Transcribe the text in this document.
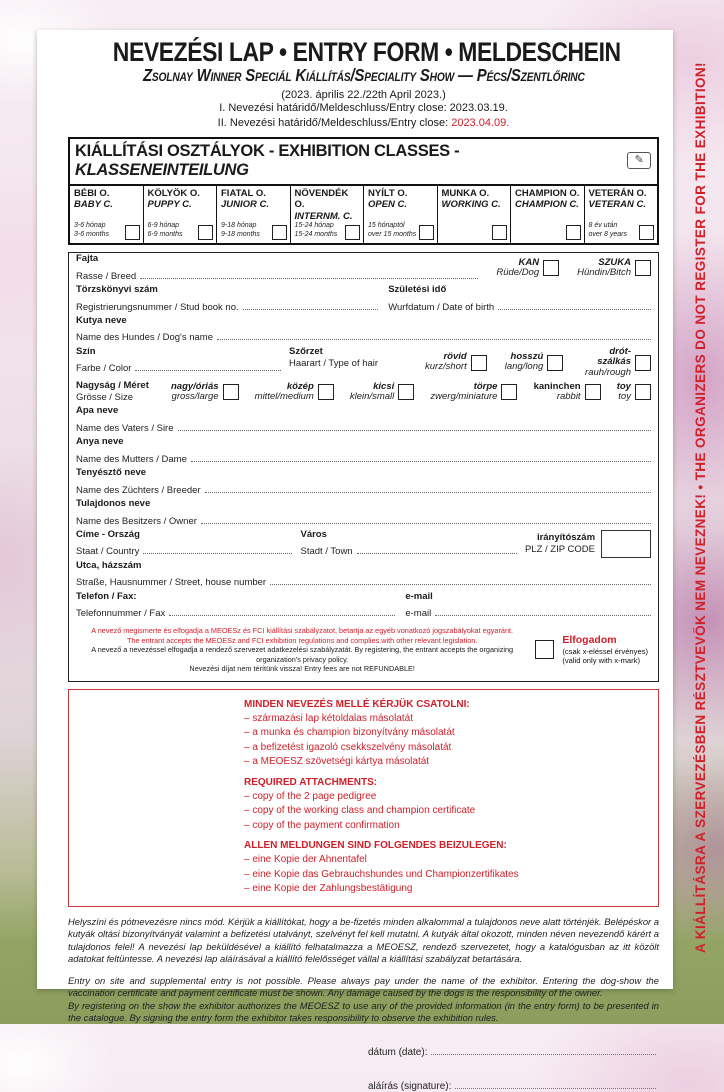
NEVEZÉSI LAP • ENTRY FORM • MELDESCHEIN
Zsolnay Winner Speciál Kiállítás/Speciality Show — Pécs/Szentlőrinc
(2023. április 22./22th April 2023.)
I. Nevezési határidő/Meldeschluss/Entry close: 2023.03.19.
II. Nevezési határidő/Meldeschluss/Entry close: 2023.04.09.
KIÁLLÍTÁSI OSZTÁLYOK - EXHIBITION CLASSES - KLASSENEINTEILUNG
✎
BÉBI O.
BABY C.
3-6 hónap
3-6 months
KÖLYÖK O.
PUPPY C.
6-9 hónap
6-9 months
FIATAL O.
JUNIOR C.
9-18 hónap
9-18 months
NÖVENDÉK O.
INTERNM. C.
15-24 hónap
15-24 months
NYÍLT O.
OPEN C.
15 hónaptól
over 15 months
MUNKA O.
WORKING C.
CHAMPION O.
CHAMPION C.
VETERÁN O.
VETERAN C.
8 év után
over 8 years
Fajta
Rasse / Breed
KAN
Rüde/Dog
SZUKA
Hündin/Bitch
Törzskönyvi szám
Registrierungsnummer / Stud book no.
Születési idő
Wurfdatum / Date of birth
Kutya neve
Name des Hundes / Dog's name
Szín
Farbe / Color
Szőrzet
Haarart / Type of hair
rövid
kurz/short
hosszú
lang/long
drót-szálkás
rauh/rough
Nagyság / Méret
Grösse / Size
nagy/óriás
gross/large
közép
mittel/medium
kicsi
klein/small
törpe
zwerg/miniature
kaninchen
rabbit
toy
toy
Apa neve
Name des Vaters / Sire
Anya neve
Name des Mutters / Dame
Tenyésztő neve
Name des Züchters / Breeder
Tulajdonos neve
Name des Besitzers / Owner
Címe - Ország
Staat / Country
Város
Stadt / Town
irányítószám
PLZ / ZIP CODE
Utca, házszám
Straße, Hausnummer / Street, house number
Telefon / Fax:
Telefonnummer / Fax
e-mail
e-mail
A nevező megismerte és elfogadja a MEOESz és FCI kiállítási szabályzatot, betartja az egyéb vonatkozó jogszabályokat egyaránt.
The entrant accepts the MEOESz and FCI exhibition regulations and complies with other relevant legislation.
A nevező a nevezéssel elfogadja a rendező szervezet adatkezelési szabályzatát. By registering, the entrant accepts the organizing organization's privacy policy.
Nevezési díjat nem térítünk vissza! Entry fees are not REFUNDABLE!
Elfogadom
(csak x-eléssel érvényes)
(valid only with x-mark)
MINDEN NEVEZÉS MELLÉ KÉRJÜK CSATOLNI:
– származási lap kétoldalas másolatát
– a munka és champion bizonyítvány másolatát
– a befizetést igazoló csekkszelvény másolatát
– a MEOESZ szövetségi kártya másolatát
REQUIRED ATTACHMENTS:
– copy of the 2 page pedigree
– copy of the working class and champion certificate
– copy of the payment confirmation
ALLEN MELDUNGEN SIND FOLGENDES BEIZULEGEN:
– eine Kopie der Ahnentafel
– eine Kopie das Gebrauchshundes und Championzertifikates
– eine Kopie der Zahlungsbestätigung
Helyszíni és pótnevezésre nincs mód. Kérjük a kiállítókat, hogy a be-fizetés minden alkalommal a tulajdonos neve alatt történjék. Belépéskor a kutyák oltási bizonyítványát valamint a befizetési utalványt, szelvényt fel kell mutatni. A kutyák által okozott, minden néven nevezendő kárért a tulajdonos felel! A nevezési lap beküldésével a kiállító felhatalmazza a MEOESZ, rendező szervezetet, hogy a katalógusban az itt közölt adatokat feltüntesse. A nevezési lap aláírásával a kiállító felelősséget vállal a kiállítási szabályzat betartására.
Entry on site and supplemental entry is not possible. Please always pay under the name of the exhibitor. Entering the dog-show the vaccination certificate and payment certificate must be shown. Any damage caused by the dogs is the responsibility of the owner.
By registering on the show the exhibitor authorizes the MEOESZ to use any of the provided information (in the entry form) to be presented in the catalogue. By signing the entry form the exhibitor takes responsibility to observe the exhibition rules.
dátum (date):
aláírás (signature):
A KIÁLLÍTÁSRA A SZERVEZÉSBEN RÉSZTVEVŐK NEM NEVEZNEK! • THE ORGANIZERS DO NOT REGISTER FOR THE EXHIBITION!
